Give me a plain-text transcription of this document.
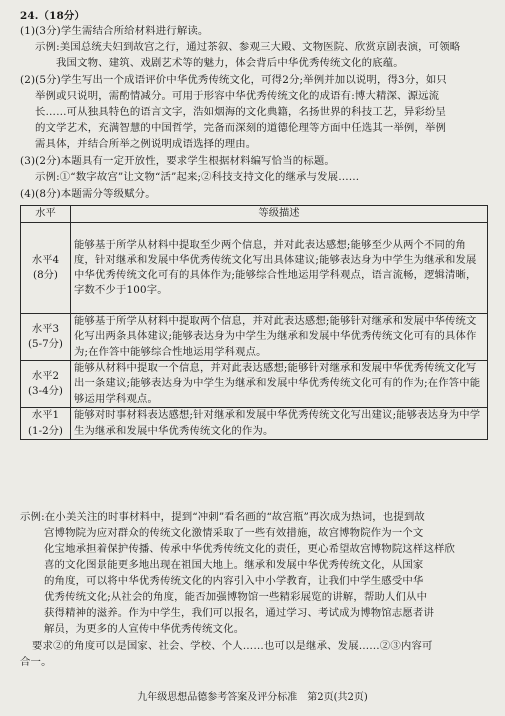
24.（18分）
(1)(3分)学生需结合所给材料进行解读。
示例:美国总统夫妇到故宫之行，通过茶叙、参观三大殿、文物医院、欣赏京剧表演，可领略
我国文物、建筑、戏剧艺术等的魅力，体会背后中华优秀传统文化的底蕴。
(2)(5分)学生写出一个成语评价中华优秀传统文化，可得2分;举例并加以说明，得3分，如只
举例或只说明，需酌情减分。可用于形容中华优秀传统文化的成语有:博大精深、源远流
长……可从独具特色的语言文字，浩如烟海的文化典籍，名扬世界的科技工艺，异彩纷呈
的文学艺术，充满智慧的中国哲学，完备而深刻的道德伦理等方面中任选其一举例，举例
需具体，并结合所举之例说明成语选择的理由。
(3)(2分)本题具有一定开放性，要求学生根据材料编写恰当的标题。
示例:①“数字故宫”让文物“活”起来;②科技支持文化的继承与发展……
(4)(8分)本题需分等级赋分。
水平	等级描述

水平4
(8分)	能够基于所学从材料中提取至少两个信息，并对此表达感想;能够至少从两个不同的角度，针对继承和发展中华优秀传统文化写出具体建议;能够表达身为中学生为继承和发展中华优秀传统文化可有的具体作为;能够综合性地运用学科观点，语言流畅，逻辑清晰，字数不少于100字。

水平3
(5-7分)	能够基于所学从材料中提取两个信息，并对此表达感想;能够针对继承和发展中华传统文化写出两条具体建议;能够表达身为中学生为继承和发展中华优秀传统文化可有的具体作为;在作答中能够综合性地运用学科观点。

水平2
(3-4分)	能够从材料中提取一个信息，并对此表达感想;能够针对继承和发展中华优秀传统文化写出一条建议;能够表达身为中学生为继承和发展中华优秀传统文化可有的作为;在作答中能够运用学科观点。

水平1
(1-2分)	能够对时事材料表达感想;针对继承和发展中华优秀传统文化写出建议;能够表达身为中学生为继承和发展中华优秀传统文化的作为。
示例:在小美关注的时事材料中，提到“冲刺”看名画的“故宫瓶”再次成为热词，也提到故
宫博物院为应对群众的传统文化激情采取了一些有效措施，故宫博物院作为一个文
化宝地承担着保护传播、传承中华优秀传统文化的责任，更心希望故宫博物院这样这样欣
喜的文化图景能更多地出现在祖国大地上。继承和发展中华优秀传统文化，从国家
的角度，可以将中华优秀传统文化的内容引入中小学教育，让我们中学生感受中华
优秀传统文化;从社会的角度，能否加强博物馆一些精彩展览的讲解，帮助人们从中
获得精神的滋养。作为中学生，我们可以报名，通过学习、考试成为博物馆志愿者讲
解员，为更多的人宣传中华优秀传统文化。
要求②的角度可以是国家、社会、学校、个人……也可以是继承、发展……②③内容可
合一。
九年级思想品德参考答案及评分标准　第2页(共2页)
